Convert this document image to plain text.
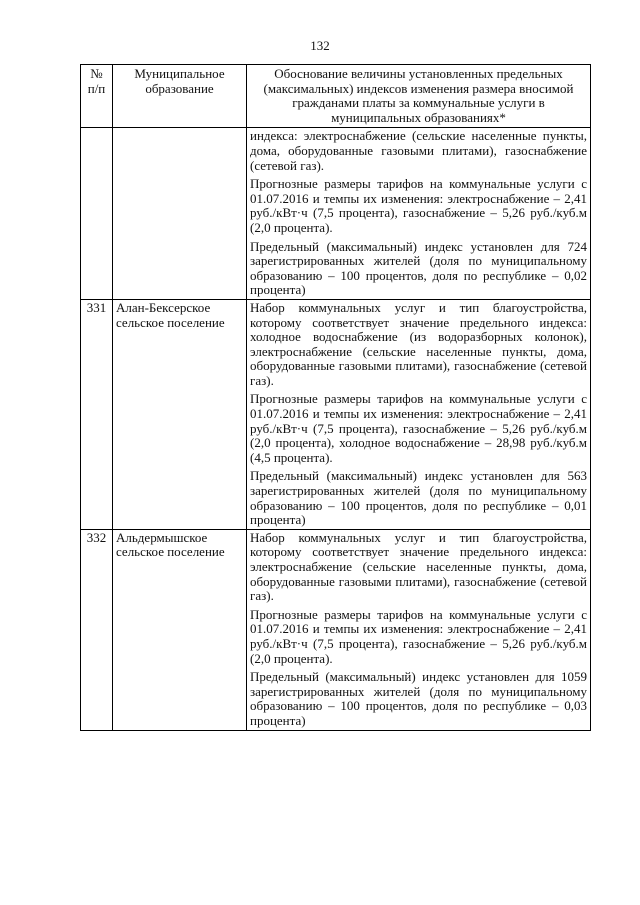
132
№ п/п	Муниципальное образование	Обоснование величины установленных предельных (максимальных) индексов изменения размера вносимой гражданами платы за коммунальные услуги в муниципальных образованиях*

		индекса: электроснабжение (сельские населенные пункты, дома, оборудованные газовыми плитами), газоснабжение (сетевой газ).

Прогнозные размеры тарифов на коммунальные услуги с 01.07.2016 и темпы их изменения: электроснабжение – 2,41 руб./кВт·ч (7,5 процента), газоснабжение – 5,26 руб./куб.м (2,0 процента).

Предельный (максимальный) индекс установлен для 724 зарегистрированных жителей (доля по муниципальному образованию – 100 процентов, доля по республике – 0,02 процента)

331	Алан-Бексерское сельское поселение	Набор коммунальных услуг и тип благоустройства, которому соответствует значение предельного индекса: холодное водоснабжение (из водоразборных колонок), электроснабжение (сельские населенные пункты, дома, оборудованные газовыми плитами), газоснабжение (сетевой газ).

Прогнозные размеры тарифов на коммунальные услуги с 01.07.2016 и темпы их изменения: электроснабжение – 2,41 руб./кВт·ч (7,5 процента), газоснабжение – 5,26 руб./куб.м (2,0 процента), холодное водоснабжение – 28,98 руб./куб.м (4,5 процента).

Предельный (максимальный) индекс установлен для 563 зарегистрированных жителей (доля по муниципальному образованию – 100 процентов, доля по республике – 0,01 процента)

332	Альдермышское сельское поселение	Набор коммунальных услуг и тип благоустройства, которому соответствует значение предельного индекса: электроснабжение (сельские населенные пункты, дома, оборудованные газовыми плитами), газоснабжение (сетевой газ).

Прогнозные размеры тарифов на коммунальные услуги с 01.07.2016 и темпы их изменения: электроснабжение – 2,41 руб./кВт·ч (7,5 процента), газоснабжение – 5,26 руб./куб.м (2,0 процента).

Предельный (максимальный) индекс установлен для 1059 зарегистрированных жителей (доля по муниципальному образованию – 100 процентов, доля по республике – 0,03 процента)
